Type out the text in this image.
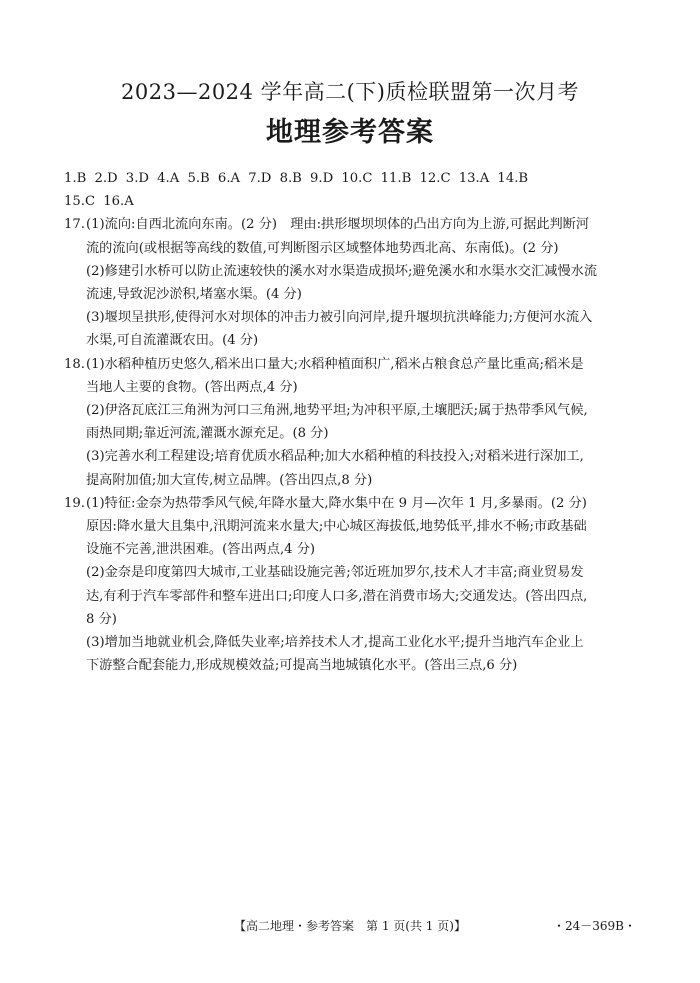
2023—2024 学年高二(下)质检联盟第一次月考
地理参考答案
1.B 2.D 3.D 4.A 5.B 6.A 7.D 8.B 9.D 10.C 11.B 12.C 13.A 14.B
15.C 16.A
17. (1)流向:自西北流向东南。(2 分)　理由:拱形堰坝坝体的凸出方向为上游,可据此判断河
流的流向(或根据等高线的数值,可判断图示区域整体地势西北高、东南低)。(2 分)
(2)修建引水桥可以防止流速较快的溪水对水渠造成损坏;避免溪水和水渠水交汇减慢水流
流速,导致泥沙淤积,堵塞水渠。(4 分)
(3)堰坝呈拱形,使得河水对坝体的冲击力被引向河岸,提升堰坝抗洪峰能力;方便河水流入
水渠,可自流灌溉农田。(4 分)
18. (1)水稻种植历史悠久,稻米出口量大;水稻种植面积广,稻米占粮食总产量比重高;稻米是
当地人主要的食物。(答出两点,4 分)
(2)伊洛瓦底江三角洲为河口三角洲,地势平坦;为冲积平原,土壤肥沃;属于热带季风气候,
雨热同期;靠近河流,灌溉水源充足。(8 分)
(3)完善水利工程建设;培育优质水稻品种;加大水稻种植的科技投入;对稻米进行深加工,
提高附加值;加大宣传,树立品牌。(答出四点,8 分)
19. (1)特征:金奈为热带季风气候,年降水量大,降水集中在 9 月—次年 1 月,多暴雨。(2 分)
原因:降水量大且集中,汛期河流来水量大;中心城区海拔低,地势低平,排水不畅;市政基础
设施不完善,泄洪困难。(答出两点,4 分)
(2)金奈是印度第四大城市,工业基础设施完善;邻近班加罗尔,技术人才丰富;商业贸易发
达,有利于汽车零部件和整车进出口;印度人口多,潜在消费市场大;交通发达。(答出四点,
8 分)
(3)增加当地就业机会,降低失业率;培养技术人才,提高工业化水平;提升当地汽车企业上
下游整合配套能力,形成规模效益;可提高当地城镇化水平。(答出三点,6 分)
【高二地理・参考答案　第 1 页(共 1 页)】	・24－369B・
